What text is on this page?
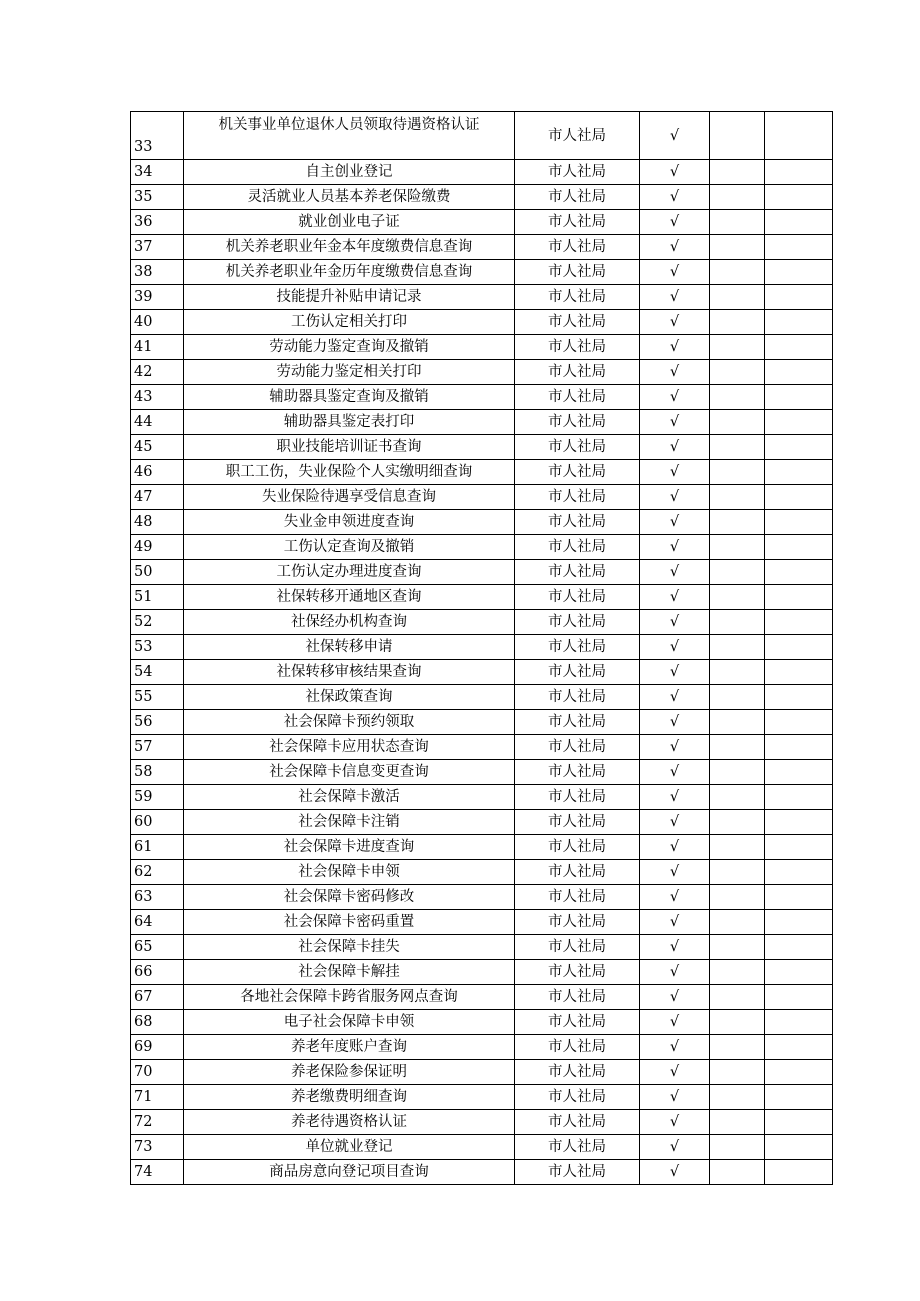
33	机关事业单位退休人员领取待遇资格认证	市人社局	√		
34	自主创业登记	市人社局	√		
35	灵活就业人员基本养老保险缴费	市人社局	√		
36	就业创业电子证	市人社局	√		
37	机关养老职业年金本年度缴费信息查询	市人社局	√		
38	机关养老职业年金历年度缴费信息查询	市人社局	√		
39	技能提升补贴申请记录	市人社局	√		
40	工伤认定相关打印	市人社局	√		
41	劳动能力鉴定查询及撤销	市人社局	√		
42	劳动能力鉴定相关打印	市人社局	√		
43	辅助器具鉴定查询及撤销	市人社局	√		
44	辅助器具鉴定表打印	市人社局	√		
45	职业技能培训证书查询	市人社局	√		
46	职工工伤，失业保险个人实缴明细查询	市人社局	√		
47	失业保险待遇享受信息查询	市人社局	√		
48	失业金申领进度查询	市人社局	√		
49	工伤认定查询及撤销	市人社局	√		
50	工伤认定办理进度查询	市人社局	√		
51	社保转移开通地区查询	市人社局	√		
52	社保经办机构查询	市人社局	√		
53	社保转移申请	市人社局	√		
54	社保转移审核结果查询	市人社局	√		
55	社保政策查询	市人社局	√		
56	社会保障卡预约领取	市人社局	√		
57	社会保障卡应用状态查询	市人社局	√		
58	社会保障卡信息变更查询	市人社局	√		
59	社会保障卡激活	市人社局	√		
60	社会保障卡注销	市人社局	√		
61	社会保障卡进度查询	市人社局	√		
62	社会保障卡申领	市人社局	√		
63	社会保障卡密码修改	市人社局	√		
64	社会保障卡密码重置	市人社局	√		
65	社会保障卡挂失	市人社局	√		
66	社会保障卡解挂	市人社局	√		
67	各地社会保障卡跨省服务网点查询	市人社局	√		
68	电子社会保障卡申领	市人社局	√		
69	养老年度账户查询	市人社局	√		
70	养老保险参保证明	市人社局	√		
71	养老缴费明细查询	市人社局	√		
72	养老待遇资格认证	市人社局	√		
73	单位就业登记	市人社局	√		
74	商品房意向登记项目查询	市人社局	√		
